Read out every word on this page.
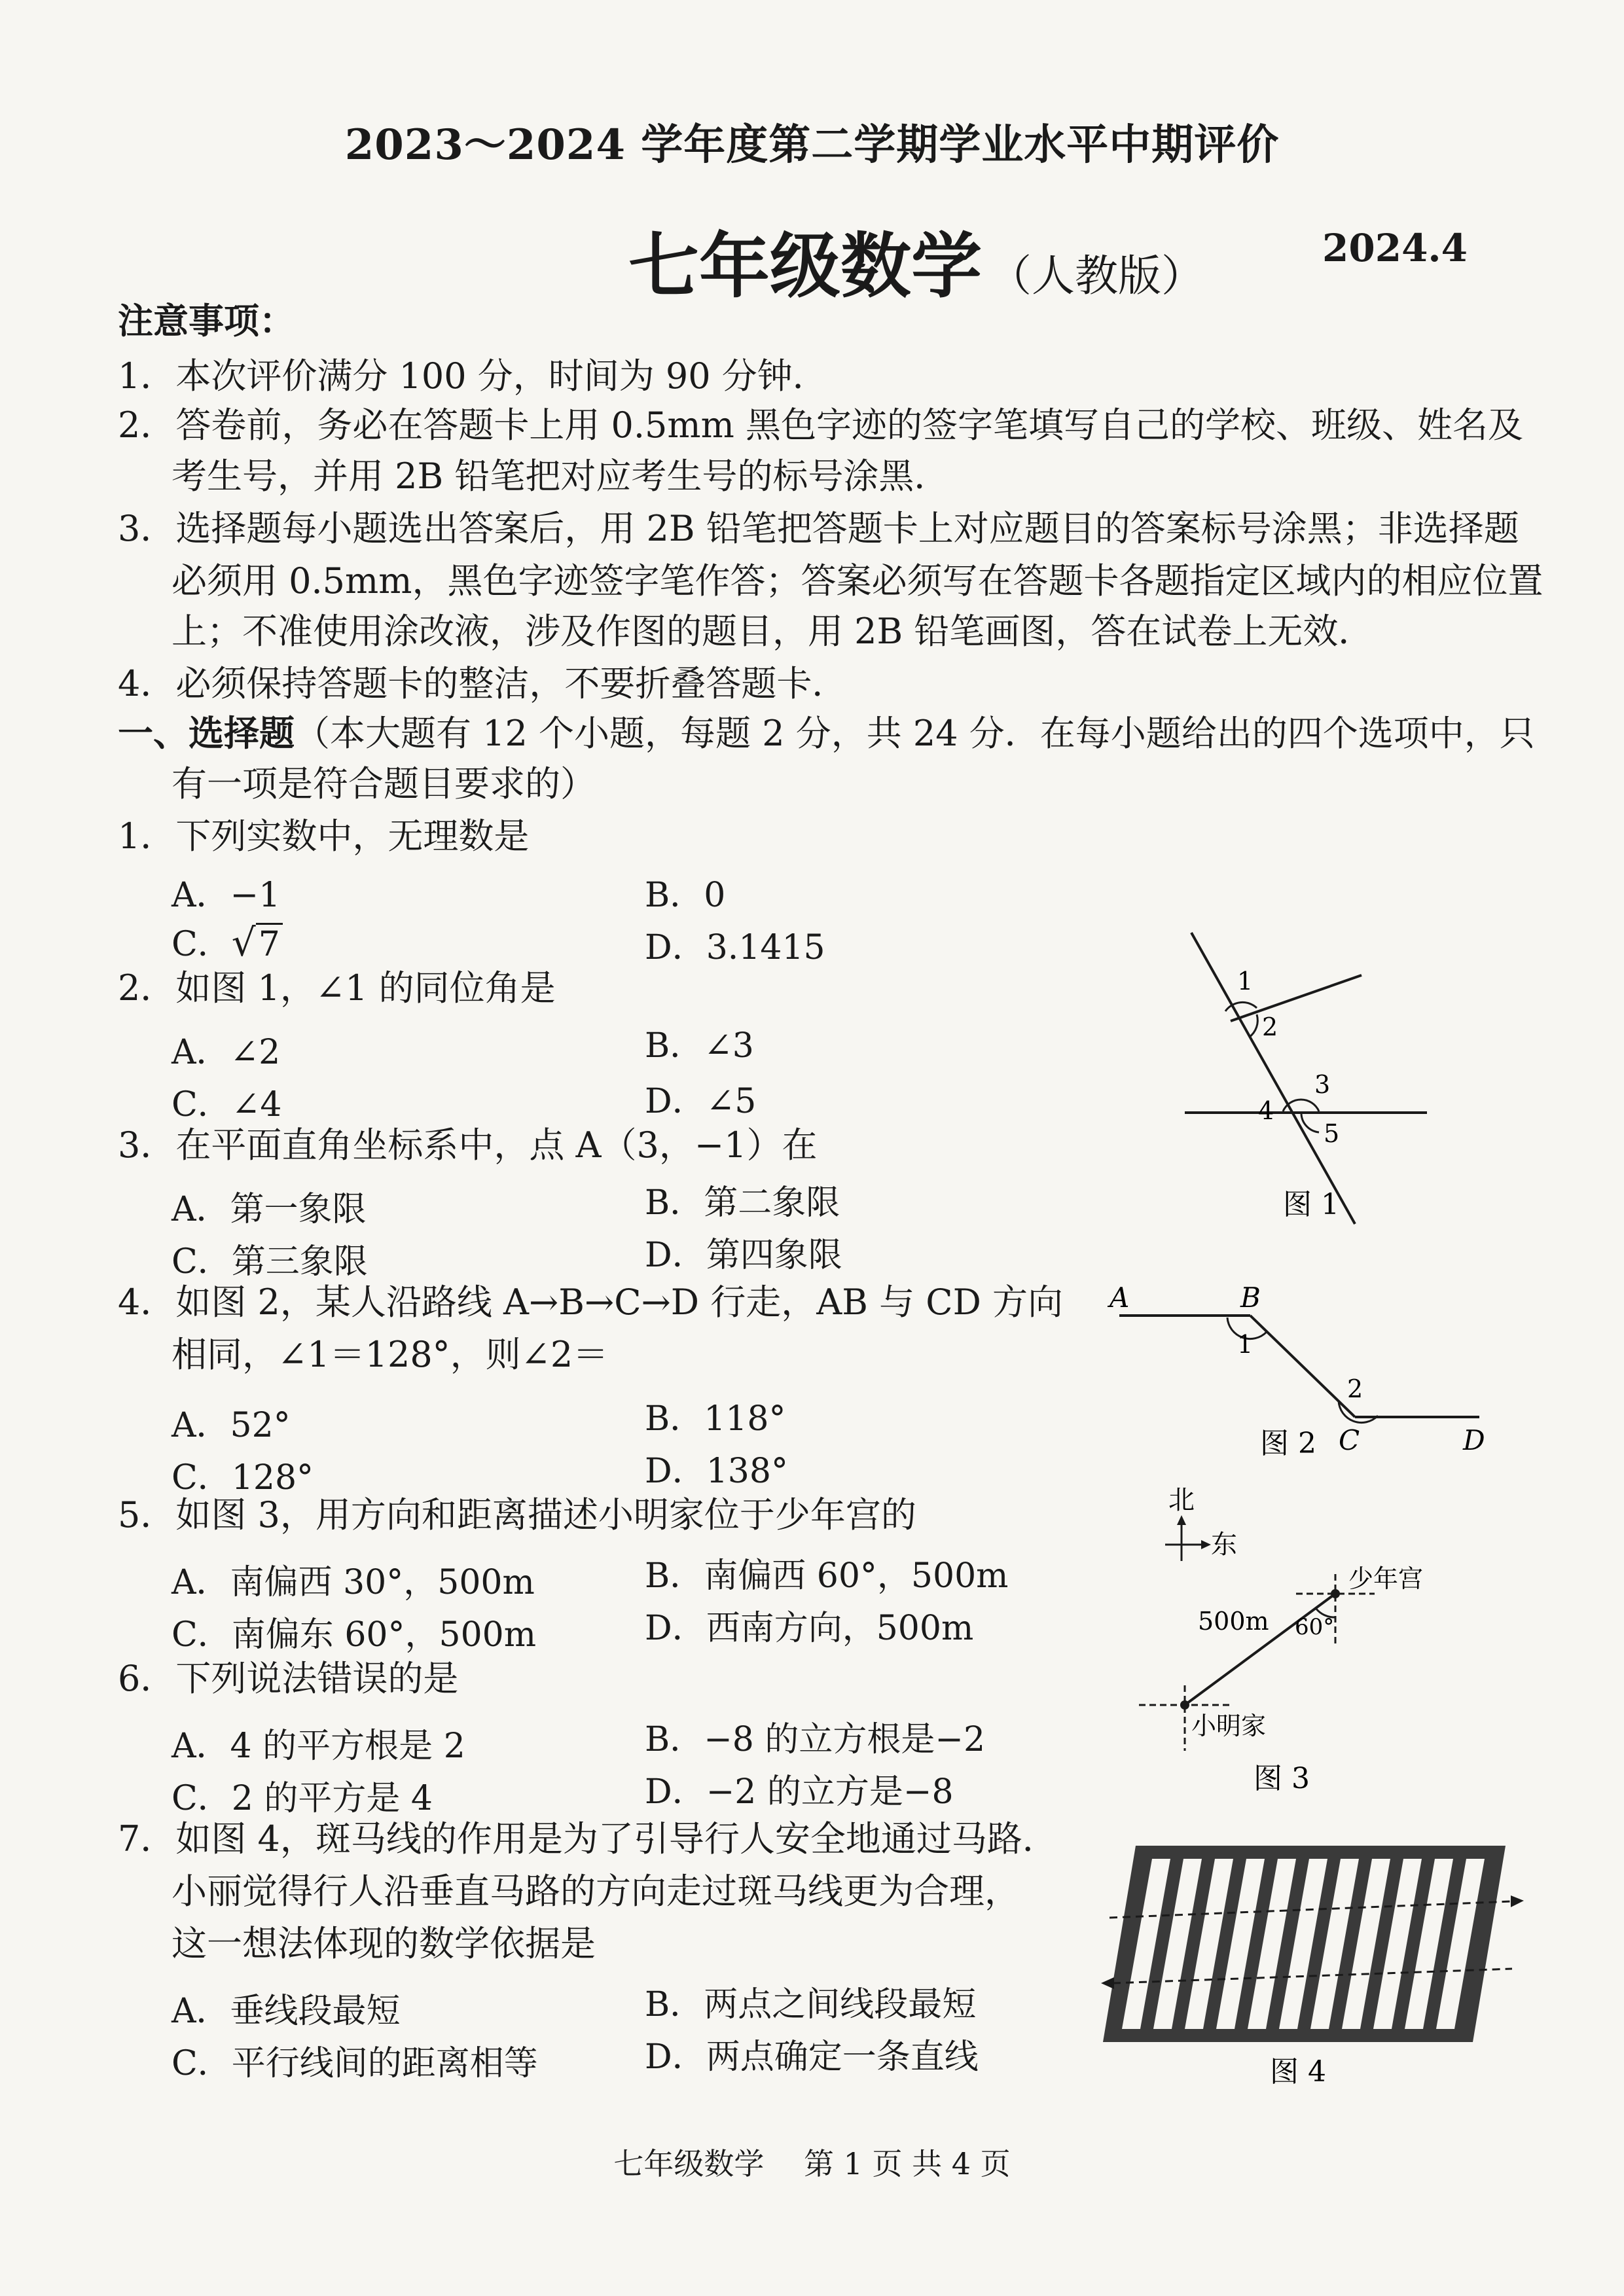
2023～2024 学年度第二学期学业水平中期评价
七年级数学 （人教版）
2024.4
注意事项：
1．本次评价满分 100 分，时间为 90 分钟．
2．答卷前，务必在答题卡上用 0.5mm 黑色字迹的签字笔填写自己的学校、班级、姓名及
考生号，并用 2B 铅笔把对应考生号的标号涂黑．
3．选择题每小题选出答案后，用 2B 铅笔把答题卡上对应题目的答案标号涂黑；非选择题
必须用 0.5mm，黑色字迹签字笔作答；答案必须写在答题卡各题指定区域内的相应位置
上；不准使用涂改液，涉及作图的题目，用 2B 铅笔画图，答在试卷上无效．
4．必须保持答题卡的整洁，不要折叠答题卡．
一、选择题（本大题有 12 个小题，每题 2 分，共 24 分．在每小题给出的四个选项中，只
有一项是符合题目要求的）
1．下列实数中，无理数是
A．−1	B．0
C．√7	D．3.1415
2．如图 1，∠1 的同位角是
A．∠2	B．∠3
C．∠4	D．∠5
3．在平面直角坐标系中，点 A（3，−1）在
A．第一象限	B．第二象限
C．第三象限	D．第四象限
4．如图 2，某人沿路线 A→B→C→D 行走，AB 与 CD 方向
相同，∠1＝128°，则∠2＝
A．52°	B．118°
C．128°	D．138°
5．如图 3，用方向和距离描述小明家位于少年宫的
A．南偏西 30°，500m	B．南偏西 60°，500m
C．南偏东 60°，500m	D．西南方向，500m
6．下列说法错误的是
A．4 的平方根是 2	B．−8 的立方根是−2
C．2 的平方是 4	D．−2 的立方是−8
7．如图 4，斑马线的作用是为了引导行人安全地通过马路．
小丽觉得行人沿垂直马路的方向走过斑马线更为合理，
这一想法体现的数学依据是
A．垂线段最短	B．两点之间线段最短
C．平行线间的距离相等	D．两点确定一条直线
1
2
3
4
5
图 1
A	B
C	D
1
2
图 2
北
东
少年宫
小明家
500m 60°
图 3
图 4
七年级数学　 第 1 页 共 4 页
